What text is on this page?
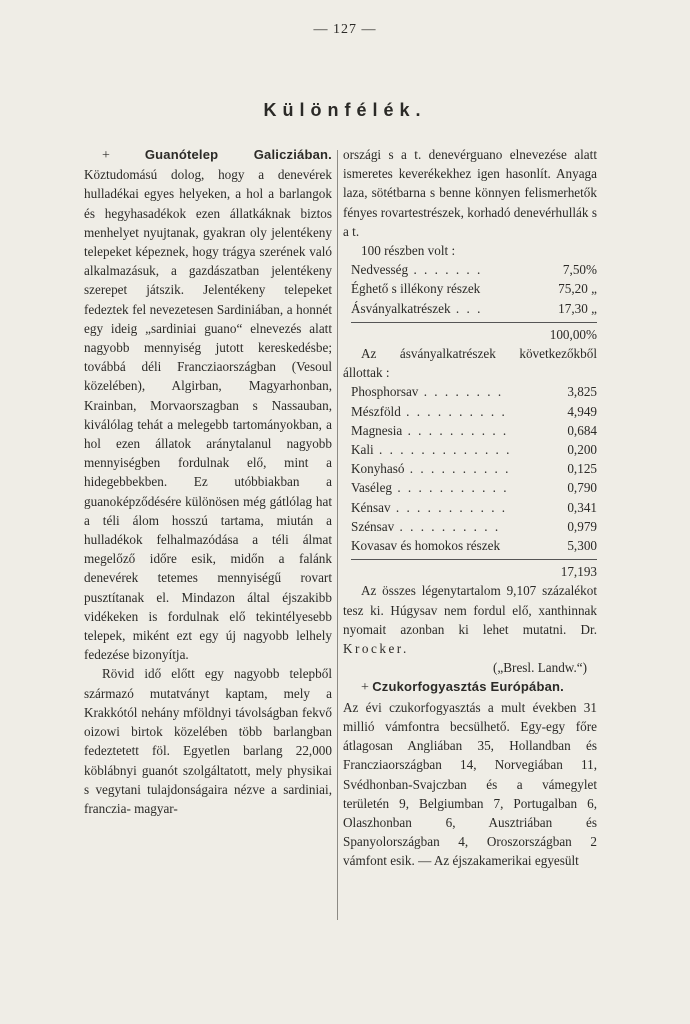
— 127 —
Különfélék.

+	Guanótelep Galicziában. Köztudomású dolog, hogy a denevérek hulladékai egyes helyeken, a hol a barlangok és hegyhasadékok ezen állatkáknak biztos menhelyet nyujtanak, gyakran oly jelentékeny telepeket képeznek, hogy trágya szerének való alkalmazásuk, a gazdászatban jelentékeny szerepet játszik. Jelentékeny telepeket fedeztek fel nevezetesen Sardiniában, a honnét egy ideig „sardiniai guano“ elnevezés alatt nagyobb mennyiség jutott kereskedésbe; továbbá déli Francziaországban (Vesoul közelében), Algirban, Magyarhonban, Krainban, Morvaorszagban s Nassauban, kiválólag tehát a melegebb tartományokban, a hol ezen állatok aránytalanul nagyobb mennyiségben fordulnak elő, mint a hidegebbekben. Ez utóbbiakban a guanoképződésére különösen még gátlólag hat a téli álom hosszú tartama, miután a hulladékok felhalmazódása a téli álmat megelőző időre esik, midőn a falánk denevérek tetemes mennyiségű rovart pusztítanak el. Mindazon által éjszakibb vidékeken is fordulnak elő tekintélyesebb telepek, miként ezt egy új nagyobb lelhely fedezése bizonyítja.

Rövid idő előtt egy nagyobb telepből származó mutatványt kaptam, mely a Krakkótól nehány mföldnyi távolságban fekvő oizowi birtok közelében több barlangban fedeztetett föl. Egyetlen barlang 22,000 köblábnyi guanót szolgáltatott, mely physikai s vegytani tulajdonságaira nézve a sardiniai, franczia- magyar-

országi s a t. denevérguano elnevezése alatt ismeretes keverékekhez igen hasonlít. Anyaga laza, sötétbarna s benne könnyen felismerhetők fényes rovartestrészek, korhadó denevérhullák s a t.

100 részben volt :

Nedvesség . . . . . . .	7,50%
Éghető s illékony részek	75,20 „
Ásványalkatrészek . . .	17,30 „
100,00%

Az ásványalkatrészek következőkből állottak :

Phosphorsav . . . . . . . .	3,825
Mészföld . . . . . . . . . .	4,949
Magnesia . . . . . . . . . .	0,684
Kali . . . . . . . . . . . . .	0,200
Konyhasó . . . . . . . . . .	0,125
Vaséleg . . . . . . . . . . .	0,790
Kénsav . . . . . . . . . . .	0,341
Szénsav . . . . . . . . . .	0,979
Kovasav és homokos részek	5,300
17,193

Az összes légenytartalom 9,107 százalékot tesz ki. Húgysav nem fordul elő, xanthinnak nyomait azonban ki lehet mutatni. Dr. Krocker.

(„Bresl. Landw.“)

+ Czukorfogyasztás Európában.

Az évi czukorfogyasztás a mult években 31 millió vámfontra becsülhető. Egy-egy főre átlagosan Angliában 35, Hollandban és Francziaországban 14, Norvegiában 11, Svédhonban-Svajczban és a vámegylet területén 9, Belgiumban 7, Portugalban 6, Olaszhonban 6, Ausztriában és Spanyolországban 4, Oroszországban 2 vámfont esik. — Az éjszakamerikai egyesült
